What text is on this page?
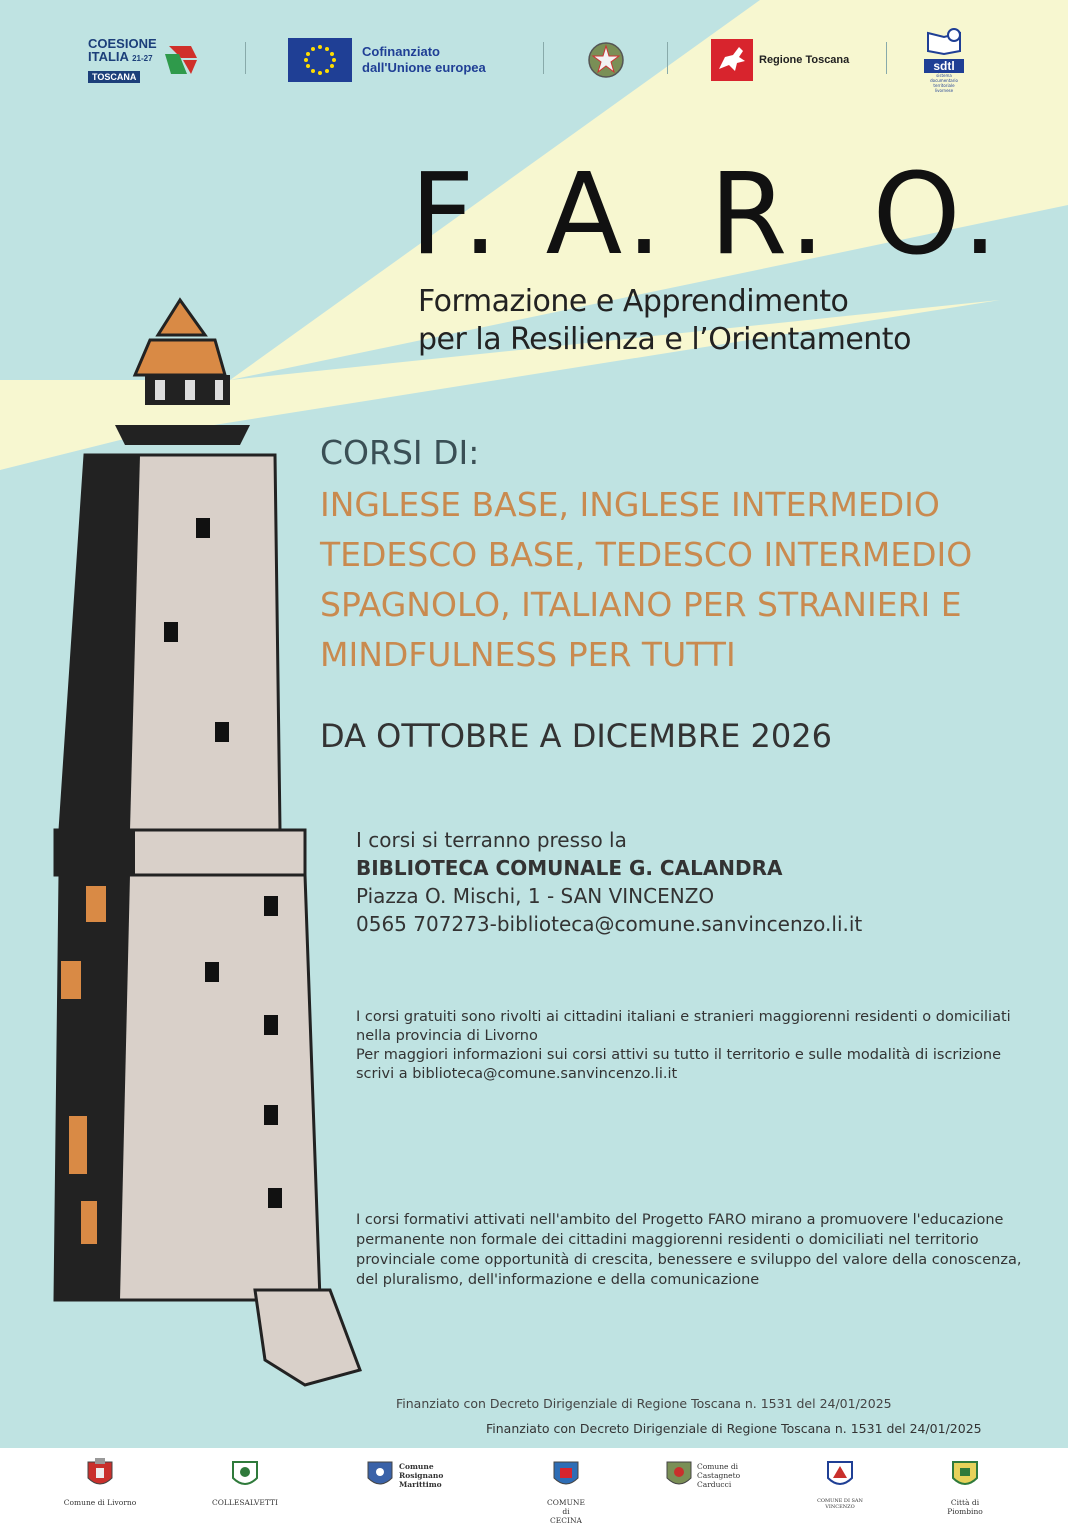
COESIONE
ITALIA 21-27
TOSCANA
Cofinanziato
dall'Unione europea	Regione Toscana	sdtl
sistema documentario territoriale livornese
F. A. R. O.
Formazione e Apprendimento
per la Resilienza e l’Orientamento
CORSI DI:
INGLESE BASE, INGLESE INTERMEDIO
TEDESCO BASE, TEDESCO INTERMEDIO
SPAGNOLO, ITALIANO PER STRANIERI E
MINDFULNESS PER TUTTI
DA OTTOBRE A DICEMBRE 2026
I corsi si terranno presso la
BIBLIOTECA COMUNALE G. CALANDRA
Piazza O. Mischi, 1 - SAN VINCENZO
0565 707273-biblioteca@comune.sanvincenzo.li.it
I corsi gratuiti sono rivolti ai cittadini italiani e stranieri maggiorenni residenti o domiciliati
nella provincia di Livorno
Per maggiori informazioni sui corsi attivi su tutto il territorio e sulle modalità di iscrizione
scrivi a biblioteca@comune.sanvincenzo.li.it
I corsi formativi attivati nell'ambito del Progetto FARO mirano a promuovere l'educazione permanente non formale dei cittadini maggiorenni residenti o domiciliati nel territorio provinciale come opportunità di crescita, benessere e sviluppo del valore della conoscenza, del pluralismo, dell'informazione e della comunicazione
Finanziato con Decreto Dirigenziale di Regione Toscana n. 1531 del 24/01/2025
Finanziato con Decreto Dirigenziale di Regione Toscana n. 1531 del 24/01/2025
Comune di Livorno	COLLESALVETTI
Comune Rosignano Marittimo
COMUNE di CECINA
Comune di Castagneto Carducci
COMUNE DI SAN VINCENZO	Città di Piombino
